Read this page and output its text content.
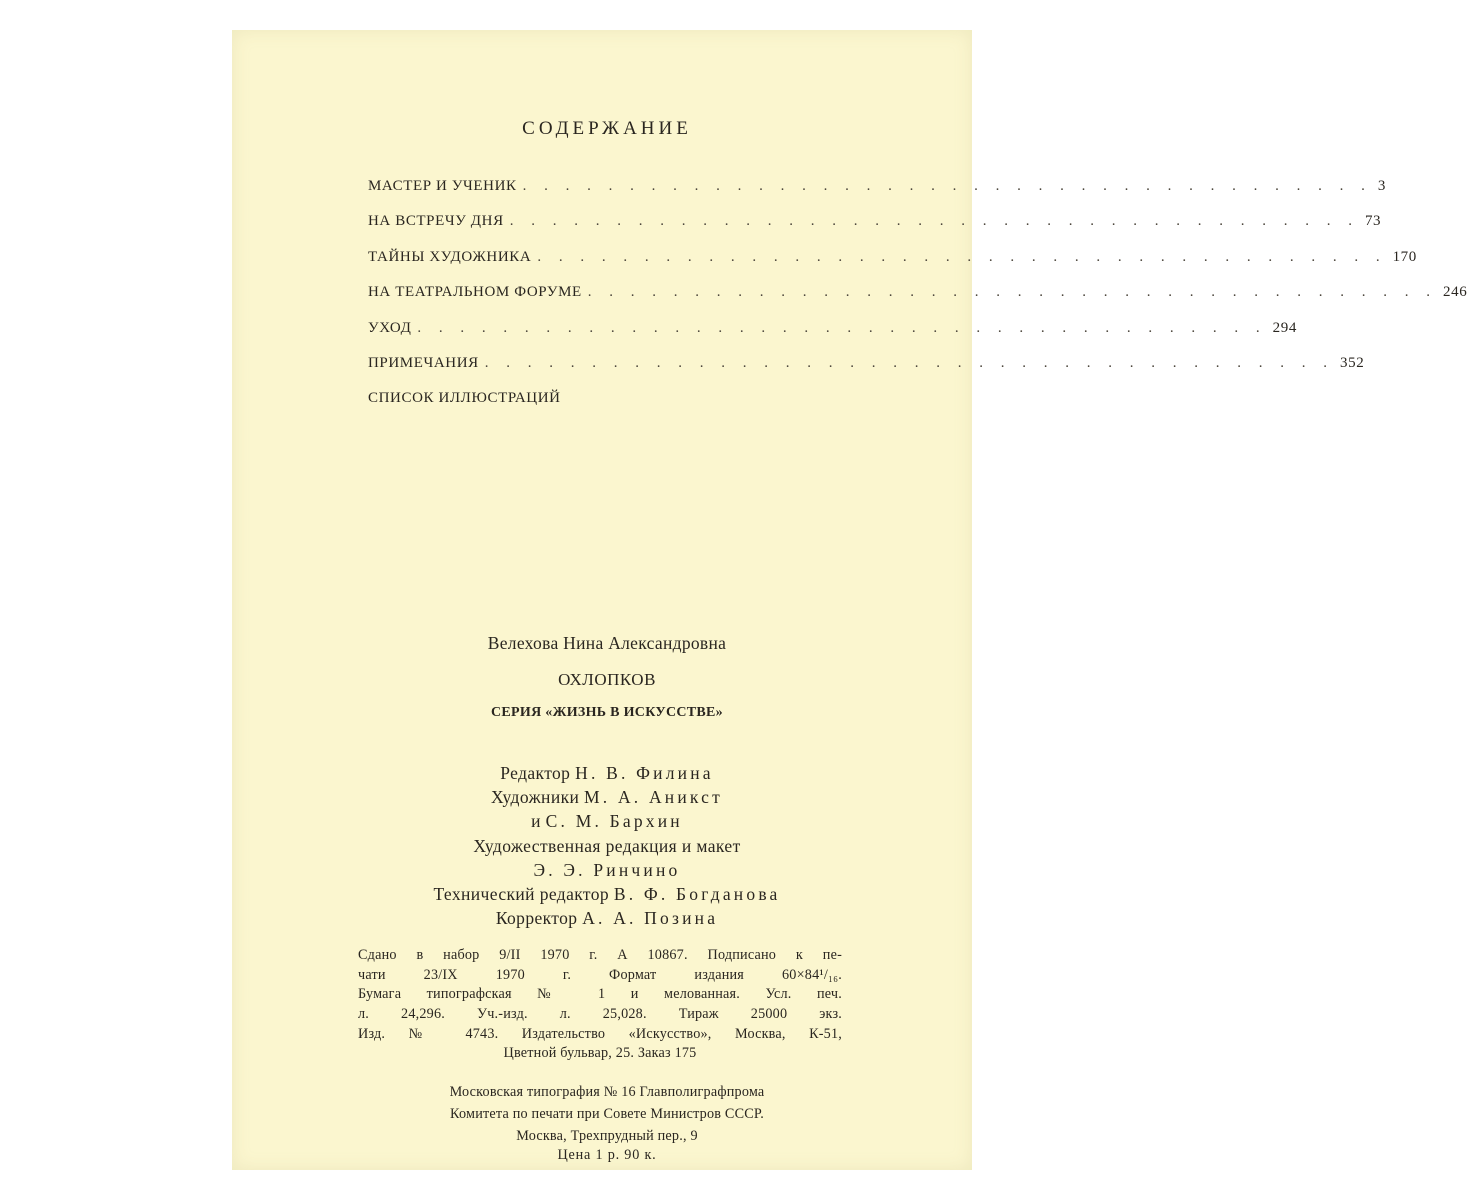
СОДЕРЖАНИЕ
МАСТЕР И УЧЕНИК . . . . . . . . . . . . . . . . . . . . . . . . . . . . . . . . . . . . . . . . 3
НА ВСТРЕЧУ ДНЯ . . . . . . . . . . . . . . . . . . . . . . . . . . . . . . . . . . . . . . . . 73
ТАЙНЫ ХУДОЖНИКА . . . . . . . . . . . . . . . . . . . . . . . . . . . . . . . . . . . . . . . . 170
НА ТЕАТРАЛЬНОМ ФОРУМЕ . . . . . . . . . . . . . . . . . . . . . . . . . . . . . . . . . . . . . . . . 246
УХОД . . . . . . . . . . . . . . . . . . . . . . . . . . . . . . . . . . . . . . . . 294
ПРИМЕЧАНИЯ . . . . . . . . . . . . . . . . . . . . . . . . . . . . . . . . . . . . . . . . 352
СПИСОК ИЛЛЮСТРАЦИЙ
Велехова Нина Александровна
ОХЛОПКОВ
СЕРИЯ «ЖИЗНЬ В ИСКУССТВЕ»
Редактор Н. В. Филина
Художники М. А. Аникст
и С. М. Бархин
Художественная редакция и макет
Э. Э. Ринчино
Технический редактор В. Ф. Богданова
Корректор А. А. Позина
Сдано в набор 9/II 1970 г. А 10867. Подписано к пе-
чати 23/IX 1970 г. Формат издания 60×84¹/₁₆.
Бумага типографская № 1 и мелованная. Усл. печ.
л. 24,296. Уч.-изд. л. 25,028. Тираж 25000 экз.
Изд. № 4743. Издательство «Искусство», Москва, К-51,
Цветной бульвар, 25. Заказ 175
Московская типография № 16 Главполиграфпрома
Комитета по печати при Совете Министров СССР.
Москва, Трехпрудный пер., 9
Цена 1 р. 90 к.
